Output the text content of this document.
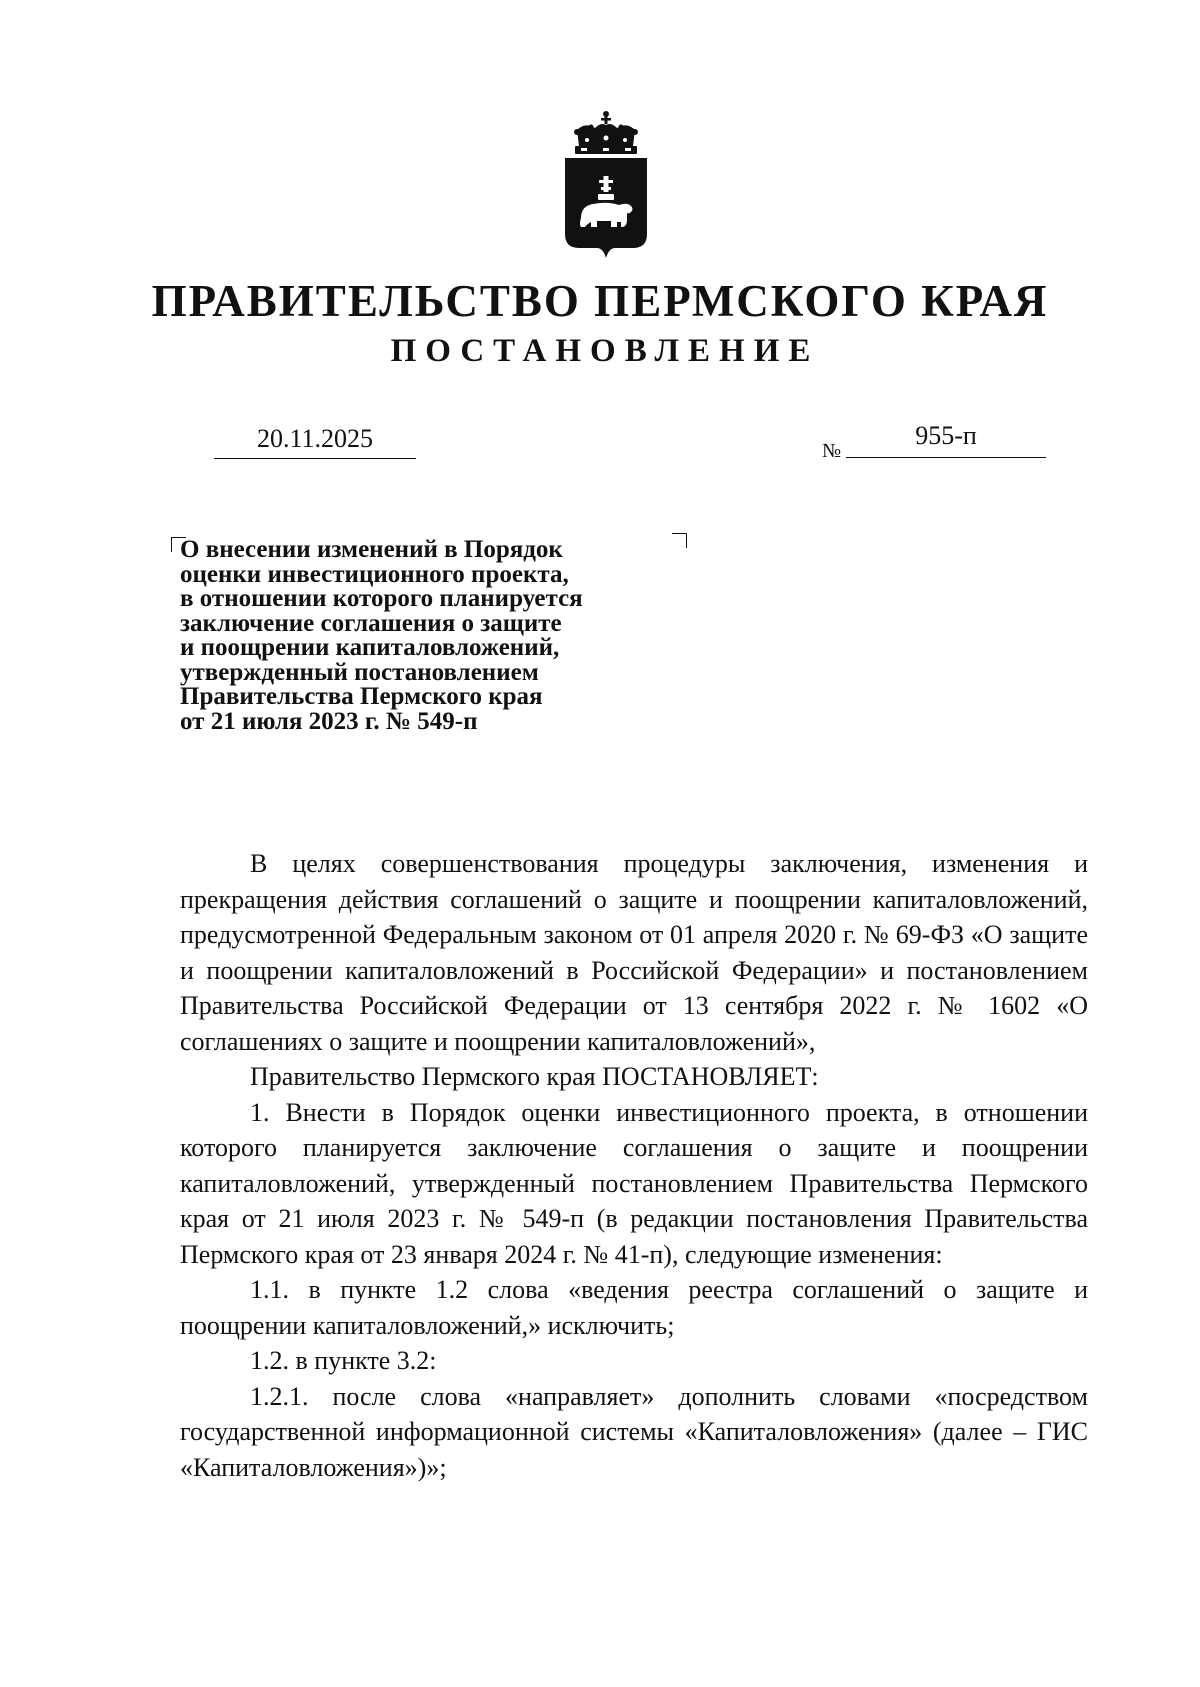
ПРАВИТЕЛЬСТВО ПЕРМСКОГО КРАЯ
ПОСТАНОВЛЕНИЕ
20.11.2025	№
955-п
О внесении изменений в Порядок
оценки инвестиционного проекта,
в отношении которого планируется
заключение соглашения о защите
и поощрении капиталовложений,
утвержденный постановлением
Правительства Пермского края
от 21 июля 2023 г. № 549-п

В целях совершенствования процедуры заключения, изменения и прекращения действия соглашений о защите и поощрении капиталовложений, предусмотренной Федеральным законом от 01 апреля 2020 г. № 69-ФЗ «О защите и поощрении капиталовложений в Российской Федерации» и постановлением Правительства Российской Федерации от 13 сентября 2022 г. № 1602 «О соглашениях о защите и поощрении капиталовложений»,

Правительство Пермского края ПОСТАНОВЛЯЕТ:

1. Внести в Порядок оценки инвестиционного проекта, в отношении которого планируется заключение соглашения о защите и поощрении капиталовложений, утвержденный постановлением Правительства Пермского края от 21 июля 2023 г. № 549-п (в редакции постановления Правительства Пермского края от 23 января 2024 г. № 41-п), следующие изменения:

1.1. в пункте 1.2 слова «ведения реестра соглашений о защите и поощрении капиталовложений,» исключить;

1.2. в пункте 3.2:

1.2.1. после слова «направляет» дополнить словами «посредством государственной информационной системы «Капиталовложения» (далее – ГИС «Капиталовложения»)»;
